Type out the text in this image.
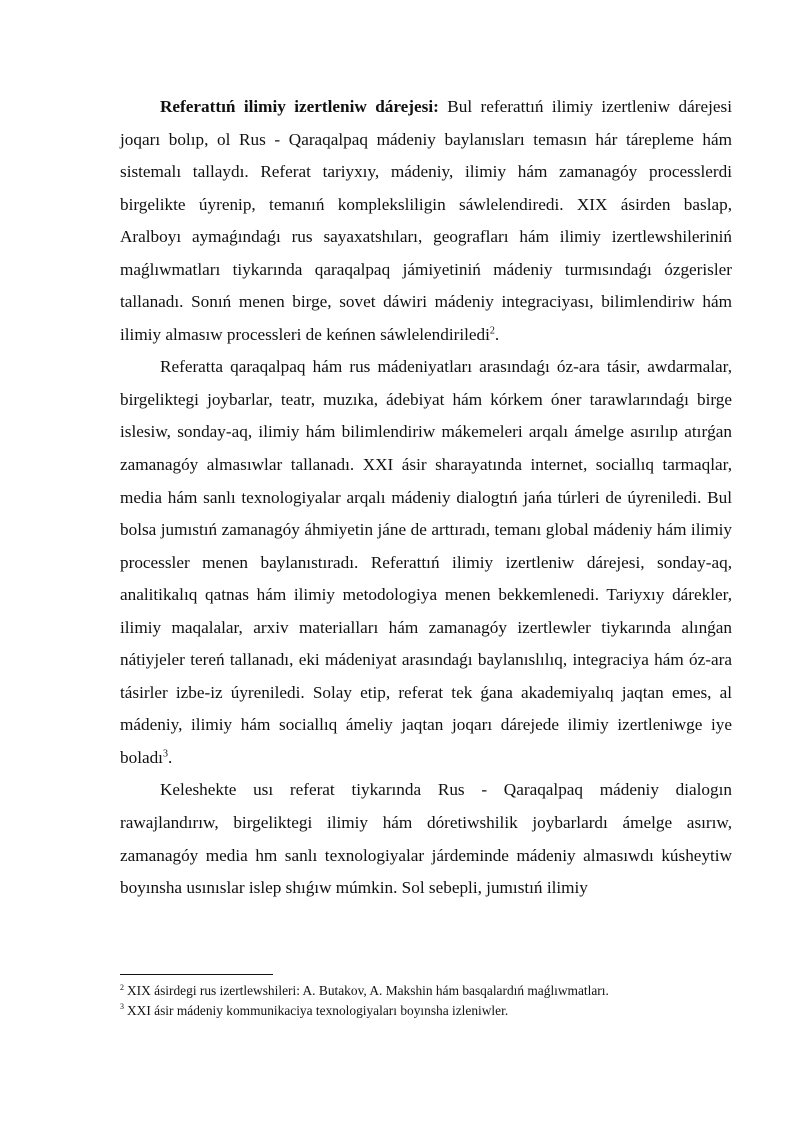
Referattıń ilimiy izertleniw dárejesi: Bul referattıń ilimiy izertleniw dárejesi joqarı bolıp, ol Rus - Qaraqalpaq mádeniy baylanısları temasın hár tárepleme hám sistemalı tallaydı. Referat tariyxıy, mádeniy, ilimiy hám zamanagóy processlerdi birgelikte úyrenip, temanıń kompleksliligin sáwlelendiredi. XIX ásirden baslap, Aralboyı aymaǵındaǵı rus sayaxatshıları, geografları hám ilimiy izertlewshileriniń maǵlıwmatları tiykarında qaraqalpaq jámiyetiniń mádeniy turmısındaǵı ózgerisler tallanadı. Sonıń menen birge, sovet dáwiri mádeniy integraciyası, bilimlendiriw hám ilimiy almasıw processleri de keńnen sáwlelendiriledi$^2$.

Referatta qaraqalpaq hám rus mádeniyatları arasındaǵı óz-ara tásir, awdarmalar, birgeliktegi joybarlar, teatr, muzıka, ádebiyat hám kórkem óner tarawlarındaǵı birge islesiw, sonday-aq, ilimiy hám bilimlendiriw mákemeleri arqalı ámelge asırılıp atırǵan zamanagóy almasıwlar tallanadı. XXI ásir sharayatında internet, sociallıq tarmaqlar, media hám sanlı texnologiyalar arqalı mádeniy dialogtıń jańa túrleri de úyreniledi. Bul bolsa jumıstıń zamanagóy áhmiyetin jáne de arttıradı, temanı global mádeniy hám ilimiy processler menen baylanıstıradı. Referattıń ilimiy izertleniw dárejesi, sonday-aq, analitikalıq qatnas hám ilimiy metodologiya menen bekkemlenedi. Tariyxıy dárekler, ilimiy maqalalar, arxiv materialları hám zamanagóy izertlewler tiykarında alınǵan nátiyjeler tereń tallanadı, eki mádeniyat arasındaǵı baylanıslılıq, integraciya hám óz-ara tásirler izbe-iz úyreniledi. Solay etip, referat tek ǵana akademiyalıq jaqtan emes, al mádeniy, ilimiy hám sociallıq ámeliy jaqtan joqarı dárejede ilimiy izertleniwge iye boladı$^3$.

Keleshekte usı referat tiykarında Rus - Qaraqalpaq mádeniy dialogın rawajlandırıw, birgeliktegi ilimiy hám dóretiwshilik joybarlardı ámelge asırıw, zamanagóy media hm sanlı texnologiyalar járdeminde mádeniy almasıwdı kúsheytiw boyınsha usınıslar islep shıǵıw múmkin. Sol sebepli, jumıstıń ilimiy

$^2$ XIX ásirdegi rus izertlewshileri: A. Butakov, A. Makshin hám basqalardıń maǵlıwmatları.

$^3$ XXI ásir mádeniy kommunikaciya texnologiyaları boyınsha izleniwler.
